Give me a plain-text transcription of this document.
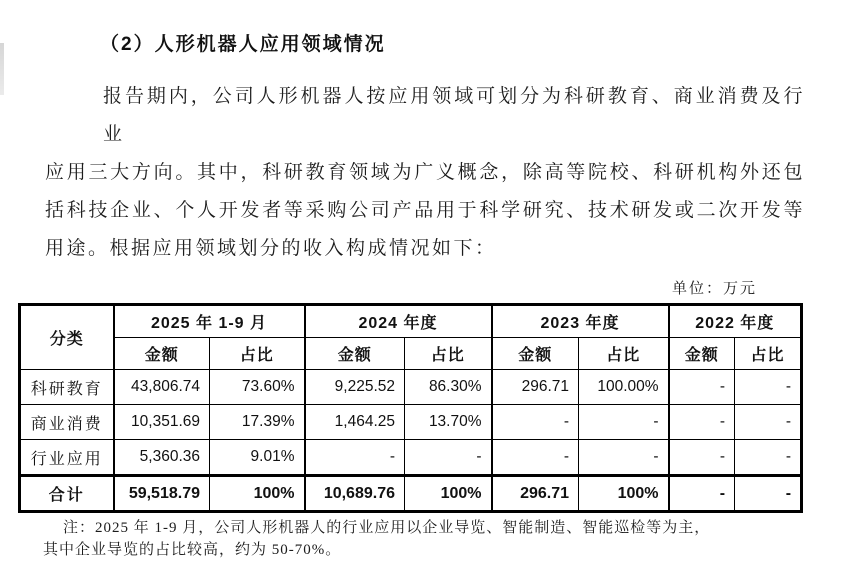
（2）人形机器人应用领域情况
报告期内，公司人形机器人按应用领域可划分为科研教育、商业消费及行业
应用三大方向。其中，科研教育领域为广义概念，除高等院校、科研机构外还包
括科技企业、个人开发者等采购公司产品用于科学研究、技术研发或二次开发等
用途。根据应用领域划分的收入构成情况如下：
单位：万元
分类	2025 年 1-9 月		2024 年度		2023 年度		2022 年度	
	金额	占比	金额	占比	金额	占比	金额	占比
科研教育	43,806.74	73.60%	9,225.52	86.30%	296.71	100.00%	-	-
商业消费	10,351.69	17.39%	1,464.25	13.70%	-	-	-	-
行业应用	5,360.36	9.01%	-	-	-	-	-	-
合计	59,518.79	100%	10,689.76	100%	296.71	100%	-	-
注：2025 年 1-9 月，公司人形机器人的行业应用以企业导览、智能制造、智能巡检等为主，
其中企业导览的占比较高，约为 50-70%。
